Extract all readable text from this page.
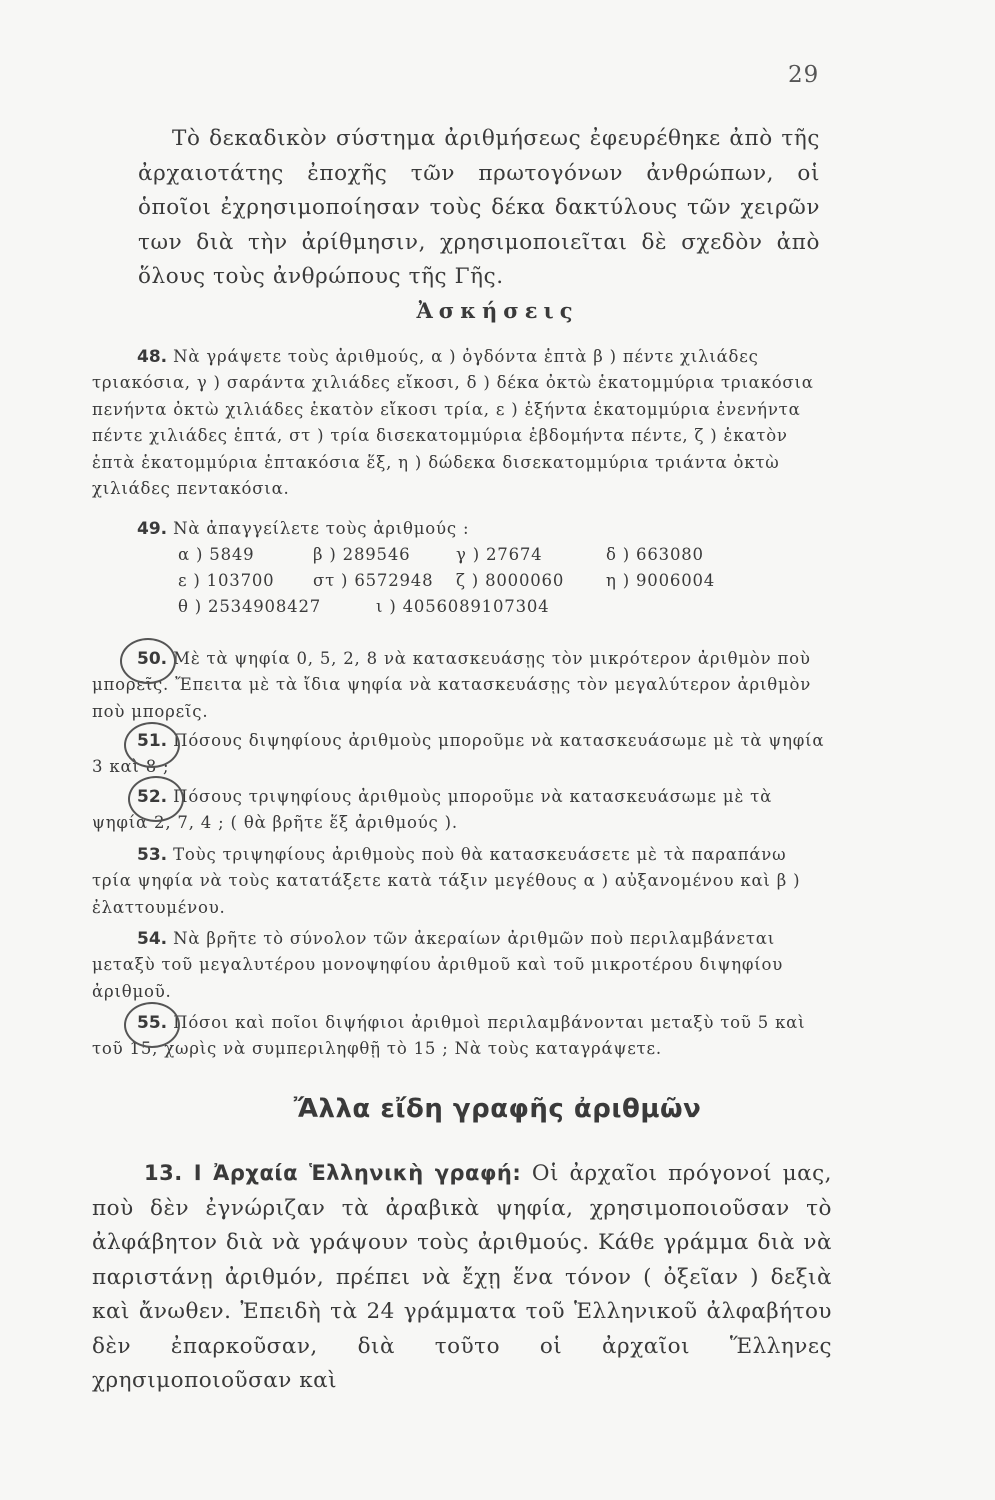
29

Τὸ δεκαδικὸν σύστημα ἀριθμήσεως ἐφευρέθηκε ἀπὸ τῆς ἀρχαιοτάτης ἐποχῆς τῶν πρωτογόνων ἀνθρώπων, οἱ ὁποῖοι ἐχρησιμοποίησαν τοὺς δέκα δακτύλους τῶν χειρῶν των διὰ τὴν ἀρίθμησιν, χρησιμοποιεῖται δὲ σχεδὸν ἀπὸ ὅλους τοὺς ἀνθρώπους τῆς Γῆς.

Ἀσκήσεις

48. Νὰ γράψετε τοὺς ἀριθμούς, α ) ὀγδόντα ἑπτὰ β ) πέντε χιλιάδες τριακόσια, γ ) σαράντα χιλιάδες εἴκοσι, δ ) δέκα ὀκτὼ ἑκατομμύρια τριακόσια πενήντα ὀκτὼ χιλιάδες ἑκατὸν εἴκοσι τρία, ε ) ἑξήντα ἑκατομμύρια ἐνενήντα πέντε χιλιάδες ἑπτά, στ ) τρία δισεκατομμύρια ἑβδομήντα πέντε, ζ ) ἑκατὸν ἑπτὰ ἑκατομμύρια ἑπτακόσια ἕξ, η ) δώδεκα δισεκατομμύρια τριάντα ὀκτὼ χιλιάδες πεντακόσια.

49. Νὰ ἀπαγγείλετε τοὺς ἀριθμούς :

α ) 5849	β ) 289546	γ ) 27674	δ ) 663080
ε ) 103700	στ ) 6572948	ζ ) 8000060	η ) 9006004
θ ) 2534908427	ι ) 4056089107304

50. Μὲ τὰ ψηφία 0, 5, 2, 8 νὰ κατασκευάσῃς τὸν μικρότερον ἀριθμὸν ποὺ μπορεῖς. Ἔπειτα μὲ τὰ ἴδια ψηφία νὰ κατασκευάσῃς τὸν μεγαλύτερον ἀριθμὸν ποὺ μπορεῖς.

51. Πόσους διψηφίους ἀριθμοὺς μποροῦμε νὰ κατασκευάσωμε μὲ τὰ ψηφία 3 καὶ 8 ;

52. Πόσους τριψηφίους ἀριθμοὺς μποροῦμε νὰ κατασκευάσωμε μὲ τὰ ψηφία 2, 7, 4 ; ( θὰ βρῆτε ἕξ ἀριθμούς ).

53. Τοὺς τριψηφίους ἀριθμοὺς ποὺ θὰ κατασκευάσετε μὲ τὰ παραπάνω τρία ψηφία νὰ τοὺς κατατάξετε κατὰ τάξιν μεγέθους α ) αὐξανομένου καὶ β ) ἐλαττουμένου.

54. Νὰ βρῆτε τὸ σύνολον τῶν ἀκεραίων ἀριθμῶν ποὺ περιλαμβάνεται μεταξὺ τοῦ μεγαλυτέρου μονοψηφίου ἀριθμοῦ καὶ τοῦ μικροτέρου διψηφίου ἀριθμοῦ.

55. Πόσοι καὶ ποῖοι διψήφιοι ἀριθμοὶ περιλαμβάνονται μεταξὺ τοῦ 5 καὶ τοῦ 15, χωρὶς νὰ συμπεριληφθῇ τὸ 15 ; Νὰ τοὺς καταγράψετε.

Ἄλλα εἴδη γραφῆς ἀριθμῶν

13. Ι Ἀρχαία Ἑλληνικὴ γραφή: Οἱ ἀρχαῖοι πρόγονοί μας, ποὺ δὲν ἐγνώριζαν τὰ ἀραβικὰ ψηφία, χρησιμοποιοῦσαν τὸ ἀλφάβητον διὰ νὰ γράψουν τοὺς ἀριθμούς. Κάθε γράμμα διὰ νὰ παριστάνῃ ἀριθμόν, πρέπει νὰ ἔχῃ ἕνα τόνον ( ὀξεῖαν ) δεξιὰ καὶ ἄνωθεν. Ἐπειδὴ τὰ 24 γράμματα τοῦ Ἑλληνικοῦ ἀλφαβήτου δὲν ἐπαρκοῦσαν, διὰ τοῦτο οἱ ἀρχαῖοι Ἕλληνες χρησιμοποιοῦσαν καὶ
